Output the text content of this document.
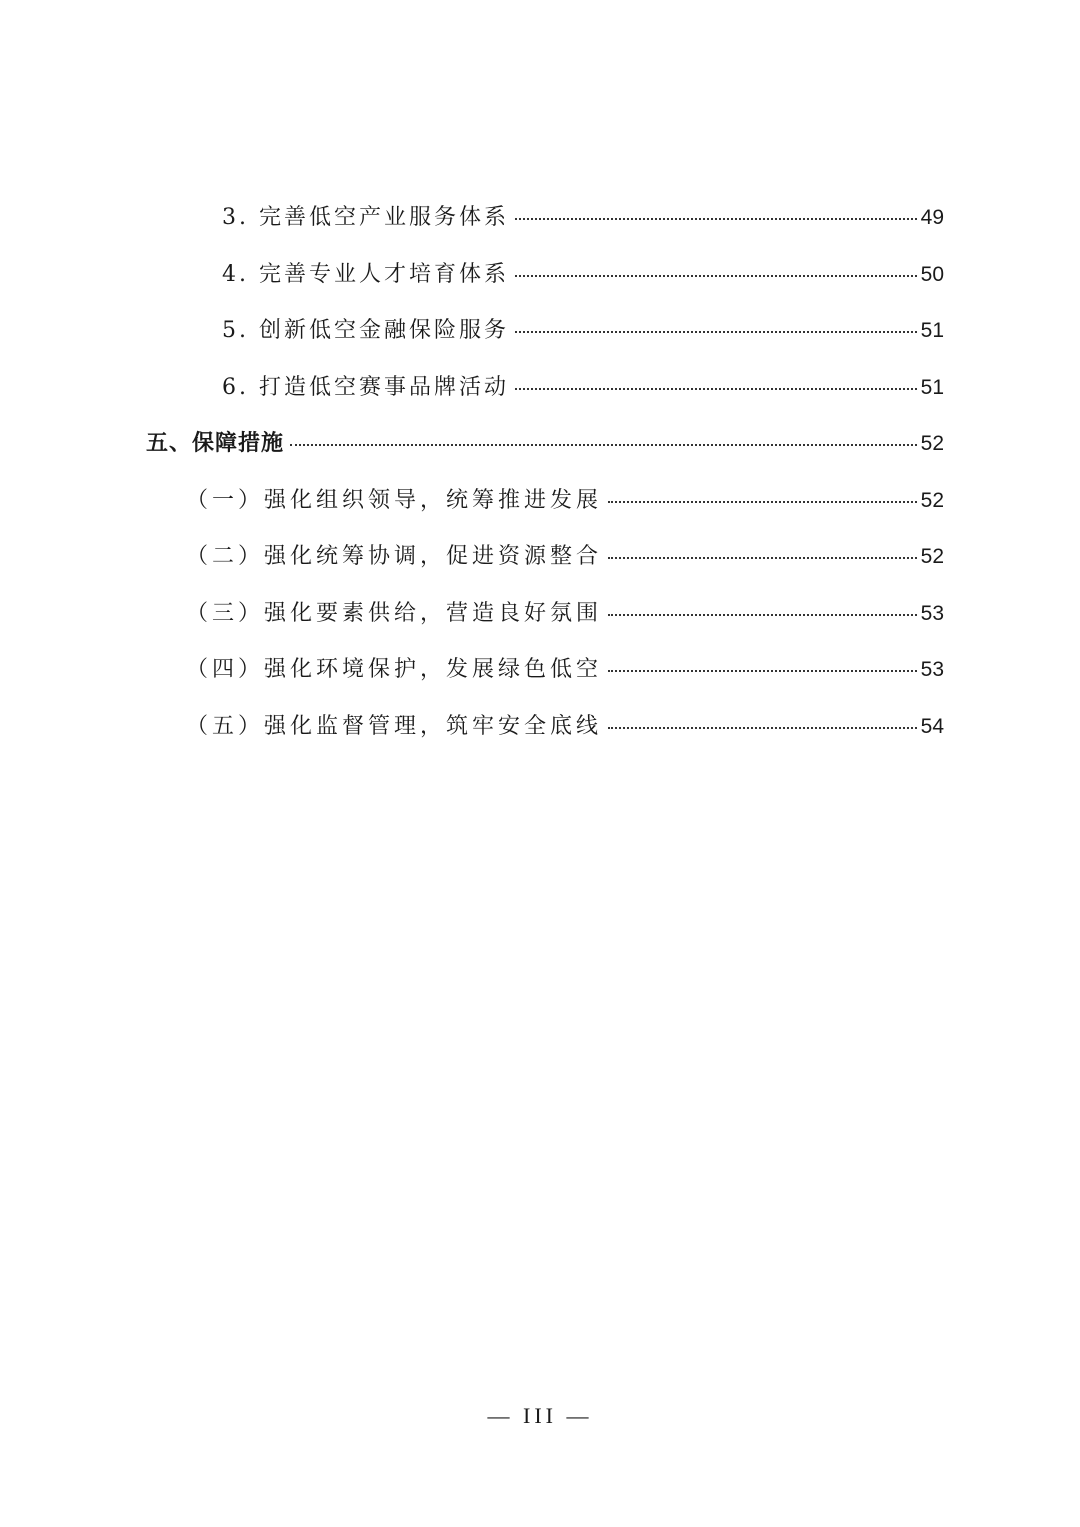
3. 完善低空产业服务体系	49
4. 完善专业人才培育体系	50
5. 创新低空金融保险服务	51
6. 打造低空赛事品牌活动	51
五、保障措施	52
（一）强化组织领导，统筹推进发展	52
（二）强化统筹协调，促进资源整合	52
（三）强化要素供给，营造良好氛围	53
（四）强化环境保护，发展绿色低空	53
（五）强化监督管理，筑牢安全底线	54
— III —
